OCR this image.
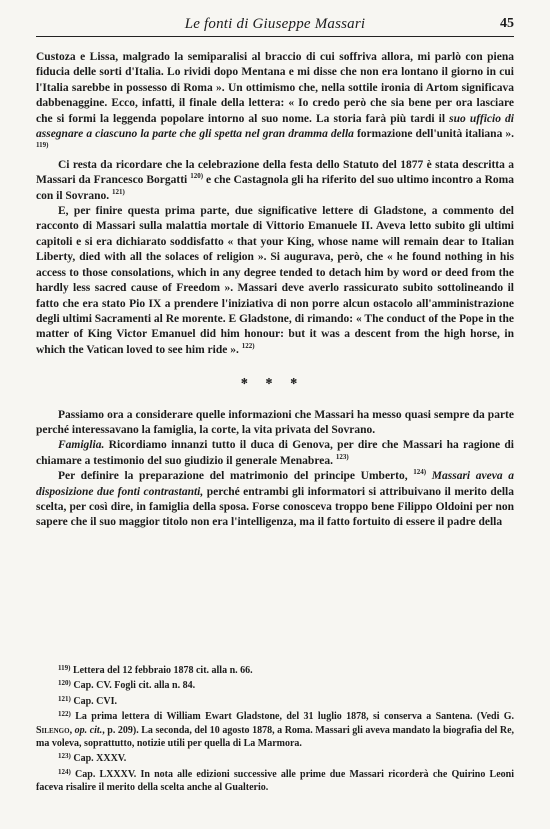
Le fonti di Giuseppe Massari	45

Custoza e Lissa, malgrado la semiparalisi al braccio di cui soffriva allora, mi parlò con piena fiducia delle sorti d'Italia. Lo rividi dopo Mentana e mi disse che non era lontano il giorno in cui l'Italia sarebbe in possesso di Roma ». Un ottimismo che, nella sottile ironia di Artom significava dabbenaggine. Ecco, infatti, il finale della lettera: « Io credo però che sia bene per ora lasciare che si formi la leggenda popolare intorno al suo nome. La storia farà più tardi il suo ufficio di assegnare a ciascuno la parte che gli spetta nel gran dramma della formazione dell'unità italiana ». $^{119)}$

Ci resta da ricordare che la celebrazione della festa dello Statuto del 1877 è stata descritta a Massari da Francesco Borgatti $^{120)}$ e che Castagnola gli ha riferito del suo ultimo incontro a Roma con il Sovrano. $^{121)}$

E, per finire questa prima parte, due significative lettere di Gladstone, a commento del racconto di Massari sulla malattia mortale di Vittorio Emanuele II. Aveva letto subito gli ultimi capitoli e si era dichiarato soddisfatto « that your King, whose name will remain dear to Italian Liberty, died with all the solaces of religion ». Si augurava, però, che « he found nothing in his access to those consolations, which in any degree tended to detach him by word or deed from the hardly less sacred cause of Freedom ». Massari deve averlo rassicurato subito sottolineando il fatto che era stato Pio IX a prendere l'iniziativa di non porre alcun ostacolo all'amministrazione degli ultimi Sacramenti al Re morente. E Gladstone, di rimando: « The conduct of the Pope in the matter of King Victor Emanuel did him honour: but it was a descent from the high horse, in which the Vatican loved to see him ride ». $^{122)}$

✻ ✻ ✻

Passiamo ora a considerare quelle informazioni che Massari ha messo quasi sempre da parte perché interessavano la famiglia, la corte, la vita privata del Sovrano.

Famiglia. Ricordiamo innanzi tutto il duca di Genova, per dire che Massari ha ragione di chiamare a testimonio del suo giudizio il generale Menabrea. $^{123)}$

Per definire la preparazione del matrimonio del principe Umberto, $^{124)}$ Massari aveva a disposizione due fonti contrastanti, perché entrambi gli informatori si attribuivano il merito della scelta, per così dire, in famiglia della sposa. Forse conosceva troppo bene Filippo Oldoini per non sapere che il suo maggior titolo non era l'intelligenza, ma il fatto fortuito di essere il padre della

$^{119)}$ Lettera del 12 febbraio 1878 cit. alla n. 66.

$^{120)}$ Cap. CV. Fogli cit. alla n. 84.

$^{121)}$ Cap. CVI.

$^{122)}$ La prima lettera di William Ewart Gladstone, del 31 luglio 1878, si conserva a Santena. (Vedi G. Silengo, op. cit., p. 209). La seconda, del 10 agosto 1878, a Roma. Massari gli aveva mandato la biografia del Re, ma voleva, soprattutto, notizie utili per quella di La Marmora.

$^{123)}$ Cap. XXXV.

$^{124)}$ Cap. LXXXV. In nota alle edizioni successive alle prime due Massari ricorderà che Quirino Leoni faceva risalire il merito della scelta anche al Gualterio.
